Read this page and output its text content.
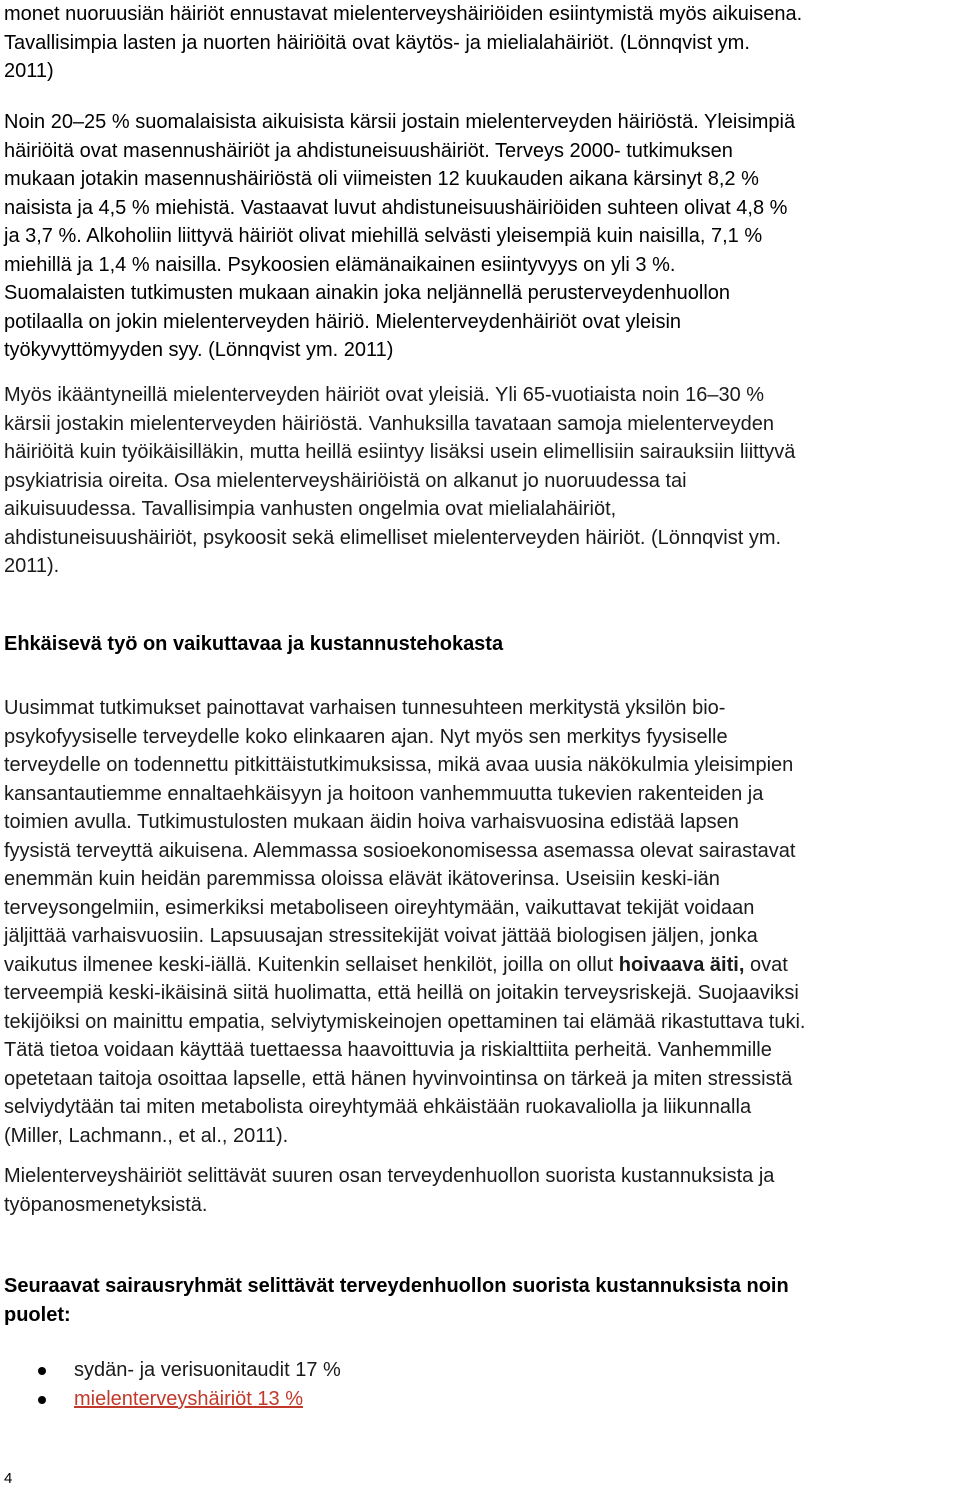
monet nuoruusiän häiriöt ennustavat mielenterveyshäiriöiden esiintymistä myös aikuisena.
Tavallisimpia lasten ja nuorten häiriöitä ovat käytös- ja mielialahäiriöt. (Lönnqvist ym.
2011)

Noin 20‒25 % suomalaisista aikuisista kärsii jostain mielenterveyden häiriöstä. Yleisimpiä
häiriöitä ovat masennushäiriöt ja ahdistuneisuushäiriöt. Terveys 2000- tutkimuksen
mukaan jotakin masennushäiriöstä oli viimeisten 12 kuukauden aikana kärsinyt 8,2 %
naisista ja 4,5 % miehistä. Vastaavat luvut ahdistuneisuushäiriöiden suhteen olivat 4,8 %
ja 3,7 %. Alkoholiin liittyvä häiriöt olivat miehillä selvästi yleisempiä kuin naisilla, 7,1 %
miehillä ja 1,4 % naisilla. Psykoosien elämänaikainen esiintyvyys on yli 3 %.
Suomalaisten tutkimusten mukaan ainakin joka neljännellä perusterveydenhuollon
potilaalla on jokin mielenterveyden häiriö. Mielenterveydenhäiriöt ovat yleisin
työkyvyttömyyden syy. (Lönnqvist ym. 2011)

Myös ikääntyneillä mielenterveyden häiriöt ovat yleisiä. Yli 65-vuotiaista noin 16‒30 %
kärsii jostakin mielenterveyden häiriöstä. Vanhuksilla tavataan samoja mielenterveyden
häiriöitä kuin työikäisilläkin, mutta heillä esiintyy lisäksi usein elimellisiin sairauksiin liittyvä
psykiatrisia oireita. Osa mielenterveyshäiriöistä on alkanut jo nuoruudessa tai
aikuisuudessa. Tavallisimpia vanhusten ongelmia ovat mielialahäiriöt,
ahdistuneisuushäiriöt, psykoosit sekä elimelliset mielenterveyden häiriöt. (Lönnqvist ym.
2011).

Ehkäisevä työ on vaikuttavaa ja kustannustehokasta

Uusimmat tutkimukset painottavat varhaisen tunnesuhteen merkitystä yksilön bio-
psykofyysiselle terveydelle koko elinkaaren ajan. Nyt myös sen merkitys fyysiselle
terveydelle on todennettu pitkittäistutkimuksissa, mikä avaa uusia näkökulmia yleisimpien
kansantautiemme ennaltaehkäisyyn ja hoitoon vanhemmuutta tukevien rakenteiden ja
toimien avulla. Tutkimustulosten mukaan äidin hoiva varhaisvuosina edistää lapsen
fyysistä terveyttä aikuisena. Alemmassa sosioekonomisessa asemassa olevat sairastavat
enemmän kuin heidän paremmissa oloissa elävät ikätoverinsa. Useisiin keski-iän
terveysongelmiin, esimerkiksi metaboliseen oireyhtymään, vaikuttavat tekijät voidaan
jäljittää varhaisvuosiin. Lapsuusajan stressitekijät voivat jättää biologisen jäljen, jonka
vaikutus ilmenee keski-iällä. Kuitenkin sellaiset henkilöt, joilla on ollut hoivaava äiti, ovat
terveempiä keski-ikäisinä siitä huolimatta, että heillä on joitakin terveysriskejä. Suojaaviksi
tekijöiksi on mainittu empatia, selviytymiskeinojen opettaminen tai elämää rikastuttava tuki.
Tätä tietoa voidaan käyttää tuettaessa haavoittuvia ja riskialttiita perheitä. Vanhemmille
opetetaan taitoja osoittaa lapselle, että hänen hyvinvointinsa on tärkeä ja miten stressistä
selviydytään tai miten metabolista oireyhtymää ehkäistään ruokavaliolla ja liikunnalla
(Miller, Lachmann., et al., 2011).

Mielenterveyshäiriöt selittävät suuren osan terveydenhuollon suorista kustannuksista ja
työpanosmenetyksistä.

Seuraavat sairausryhmät selittävät terveydenhuollon suorista kustannuksista noin
puolet:
sydän- ja verisuonitaudit 17 %
mielenterveyshäiriöt 13 %
4
